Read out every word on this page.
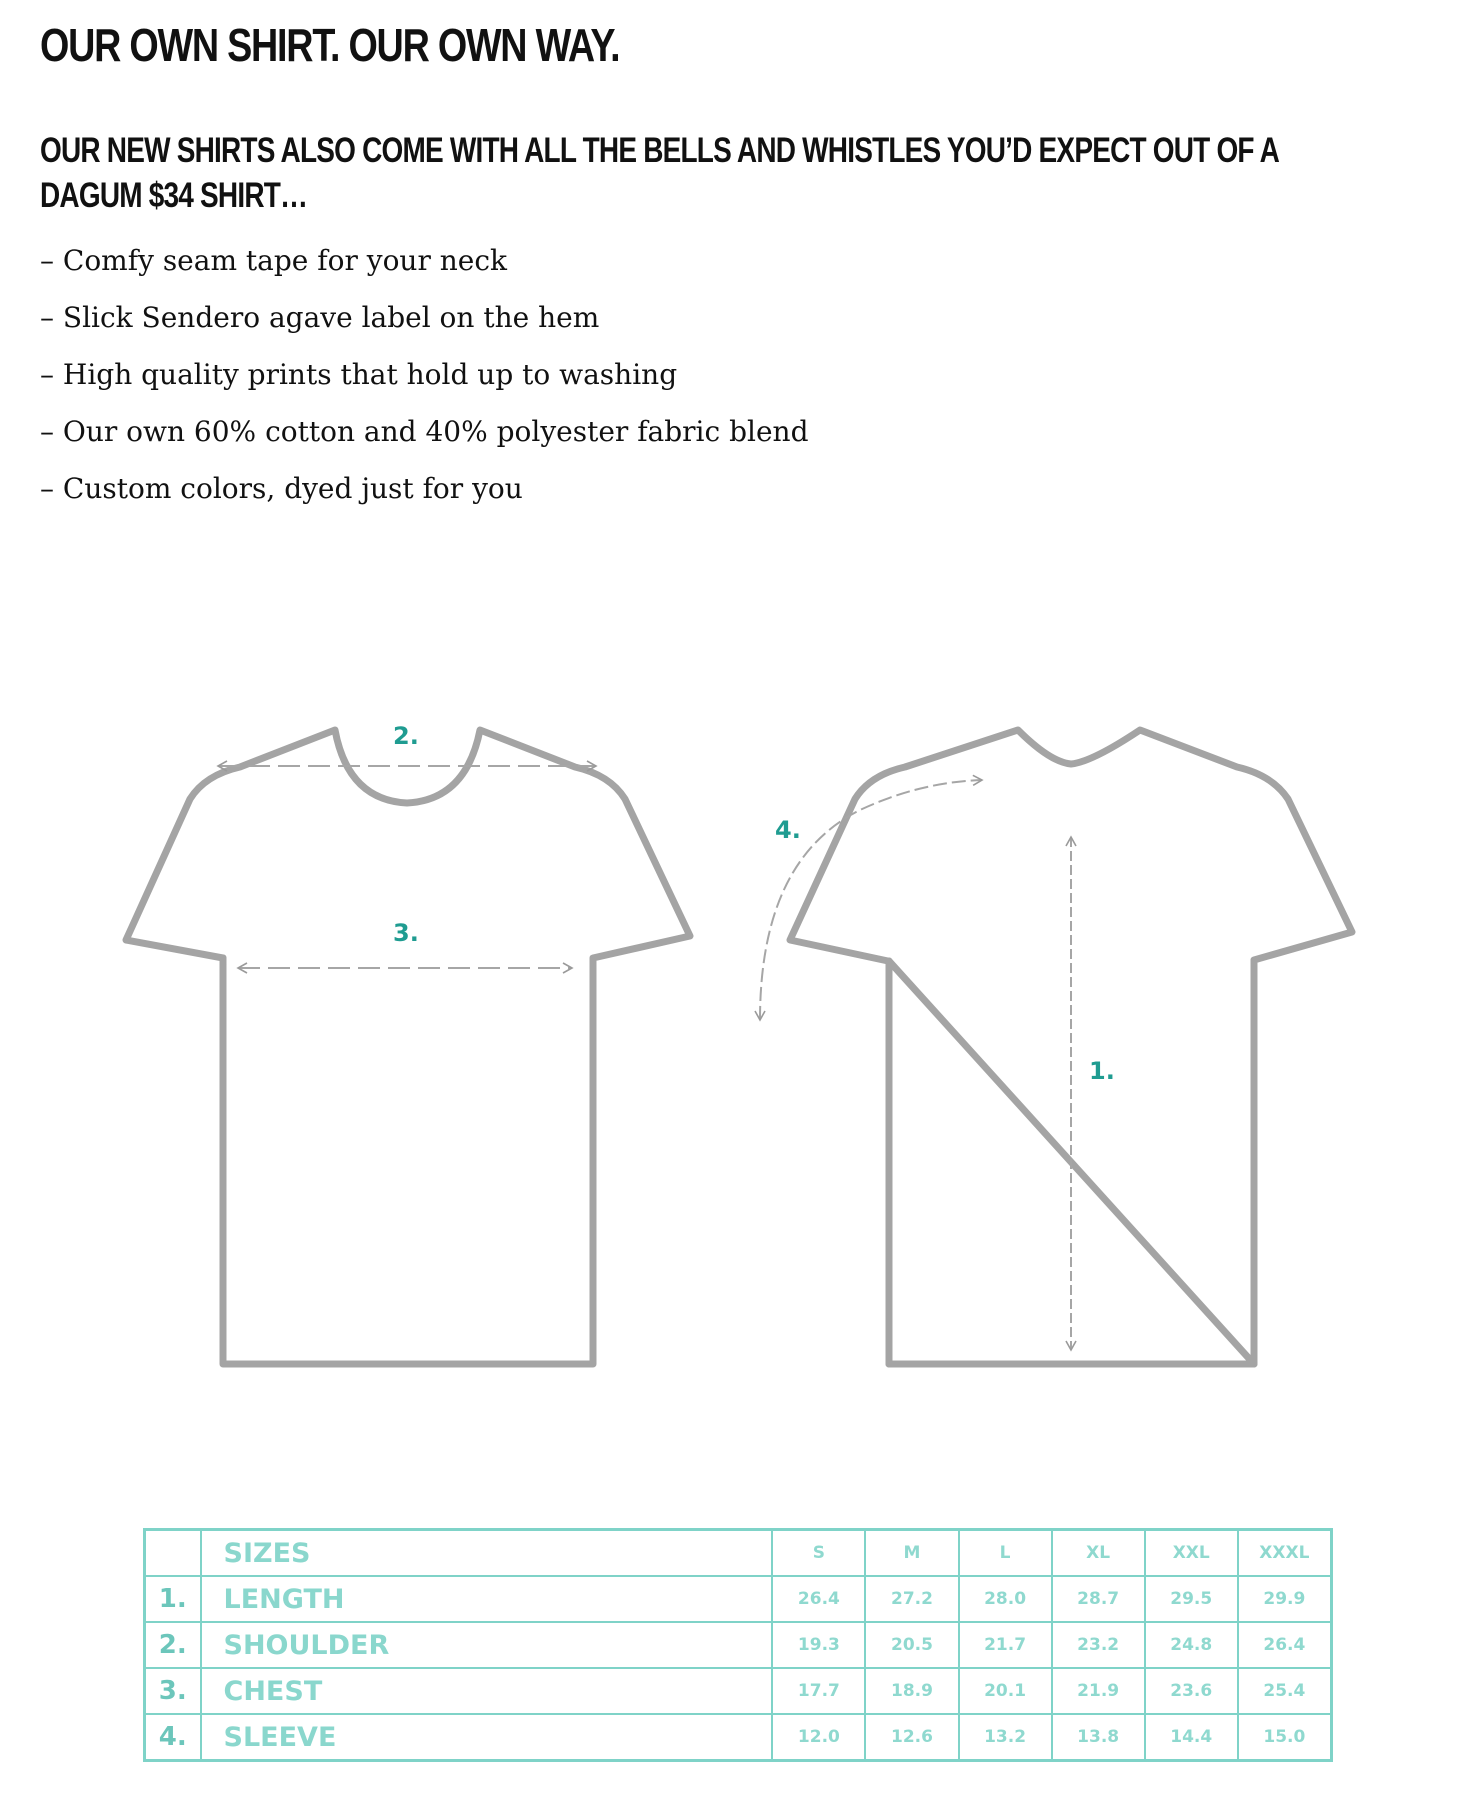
OUR OWN SHIRT. OUR OWN WAY.
OUR NEW SHIRTS ALSO COME WITH ALL THE BELLS AND WHISTLES YOU’D EXPECT OUT OF A DAGUM $34 SHIRT…
– Comfy seam tape for your neck
– Slick Sendero agave label on the hem
– High quality prints that hold up to washing
– Our own 60% cotton and 40% polyester fabric blend
– Custom colors, dyed just for you
2.
3.
4.
1.
	SIZES	S	M	L	XL	XXL	XXXL
1.	LENGTH	26.4	27.2	28.0	28.7	29.5	29.9
2.	SHOULDER	19.3	20.5	21.7	23.2	24.8	26.4
3.	CHEST	17.7	18.9	20.1	21.9	23.6	25.4
4.	SLEEVE	12.0	12.6	13.2	13.8	14.4	15.0
